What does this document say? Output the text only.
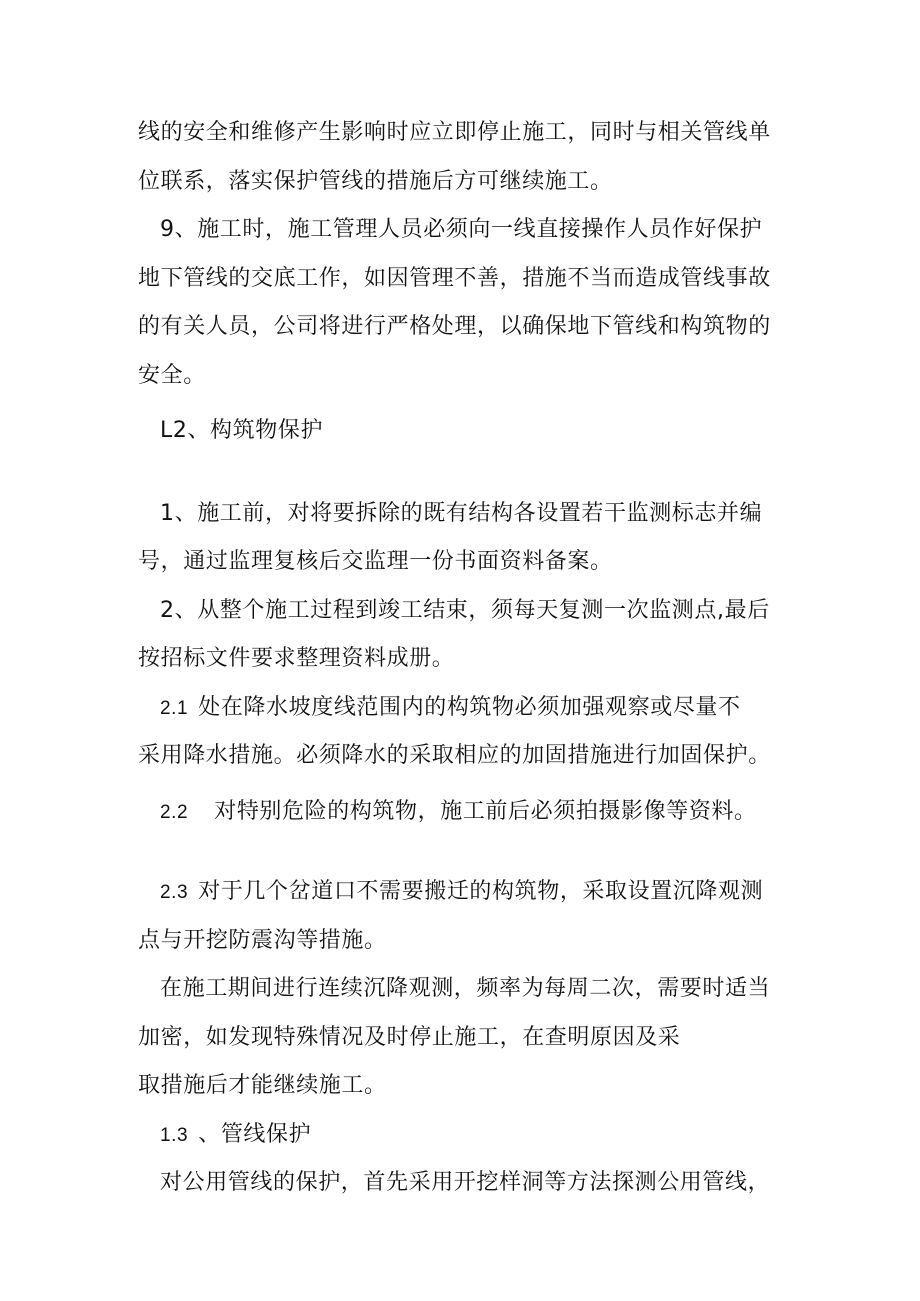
线的安全和维修产生影响时应立即停止施工，同时与相关管线单
位联系，落实保护管线的措施后方可继续施工。
9、施工时，施工管理人员必须向一线直接操作人员作好保护
地下管线的交底工作，如因管理不善，措施不当而造成管线事故
的有关人员，公司将进行严格处理，以确保地下管线和构筑物的
安全。
L2、构筑物保护
1、施工前，对将要拆除的既有结构各设置若干监测标志并编
号，通过监理复核后交监理一份书面资料备案。
2、从整个施工过程到竣工结束，须每天复测一次监测点,最后
按招标文件要求整理资料成册。
2.1 处在降水坡度线范围内的构筑物必须加强观察或尽量不
采用降水措施。必须降水的采取相应的加固措施进行加固保护。
2.2 对特别危险的构筑物，施工前后必须拍摄影像等资料。
2.3 对于几个岔道口不需要搬迁的构筑物，采取设置沉降观测
点与开挖防震沟等措施。
在施工期间进行连续沉降观测，频率为每周二次，需要时适当
加密，如发现特殊情况及时停止施工，在查明原因及采
取措施后才能继续施工。
1.3 、管线保护
对公用管线的保护，首先采用开挖样洞等方法探测公用管线，
